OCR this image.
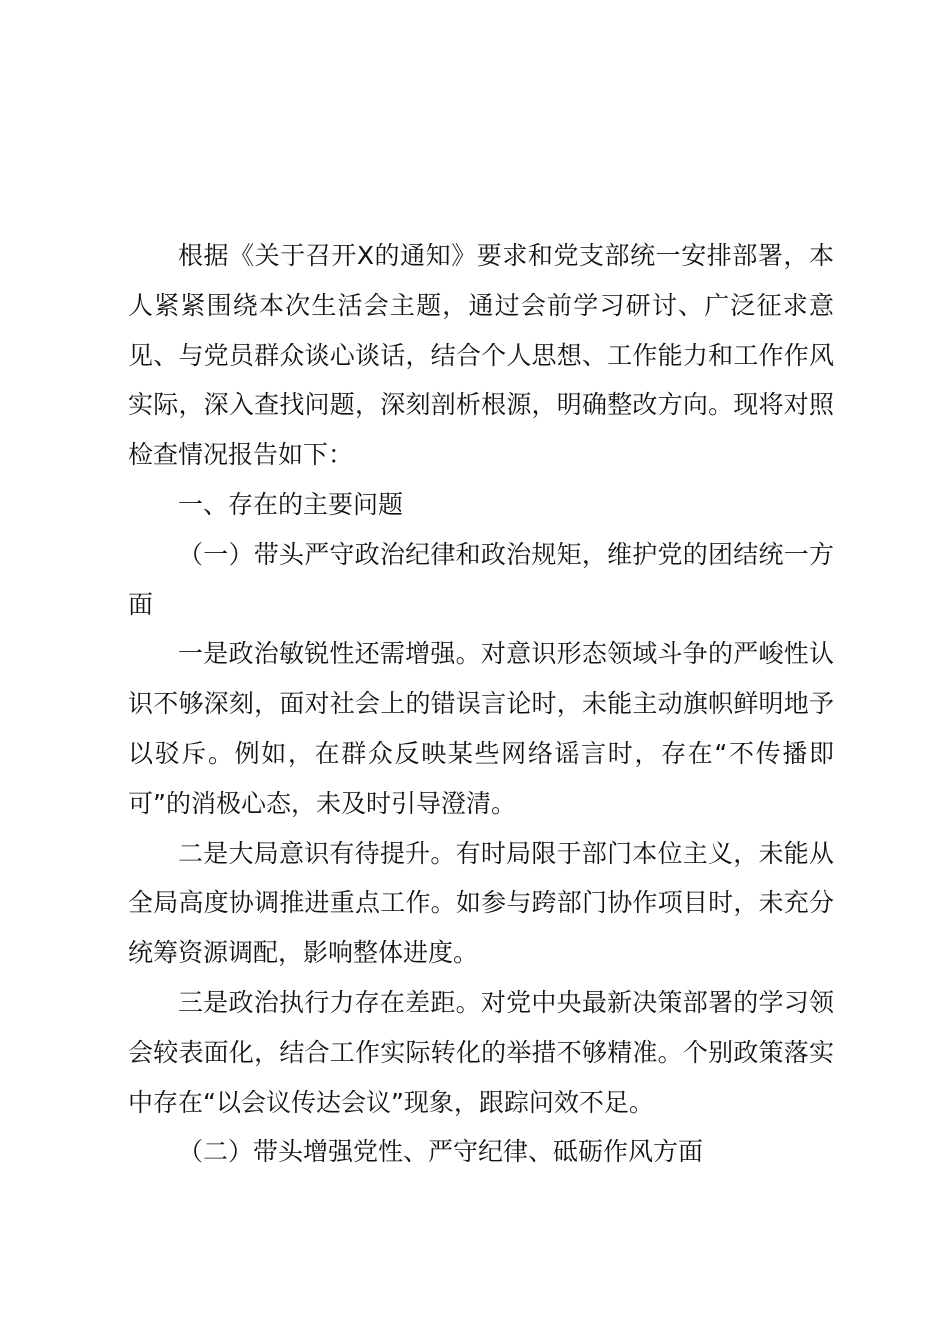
根据《关于召开X的通知》要求和党支部统一安排部署，本人紧紧围绕本次生活会主题，通过会前学习研讨、广泛征求意见、与党员群众谈心谈话，结合个人思想、工作能力和工作作风实际，深入查找问题，深刻剖析根源，明确整改方向。现将对照检查情况报告如下：

一、存在的主要问题

（一）带头严守政治纪律和政治规矩，维护党的团结统一方面

一是政治敏锐性还需增强。对意识形态领域斗争的严峻性认识不够深刻，面对社会上的错误言论时，未能主动旗帜鲜明地予以驳斥。例如，在群众反映某些网络谣言时，存在“不传播即可”的消极心态，未及时引导澄清。

二是大局意识有待提升。有时局限于部门本位主义，未能从全局高度协调推进重点工作。如参与跨部门协作项目时，未充分统筹资源调配，影响整体进度。

三是政治执行力存在差距。对党中央最新决策部署的学习领会较表面化，结合工作实际转化的举措不够精准。个别政策落实中存在“以会议传达会议”现象，跟踪问效不足。

（二）带头增强党性、严守纪律、砥砺作风方面
